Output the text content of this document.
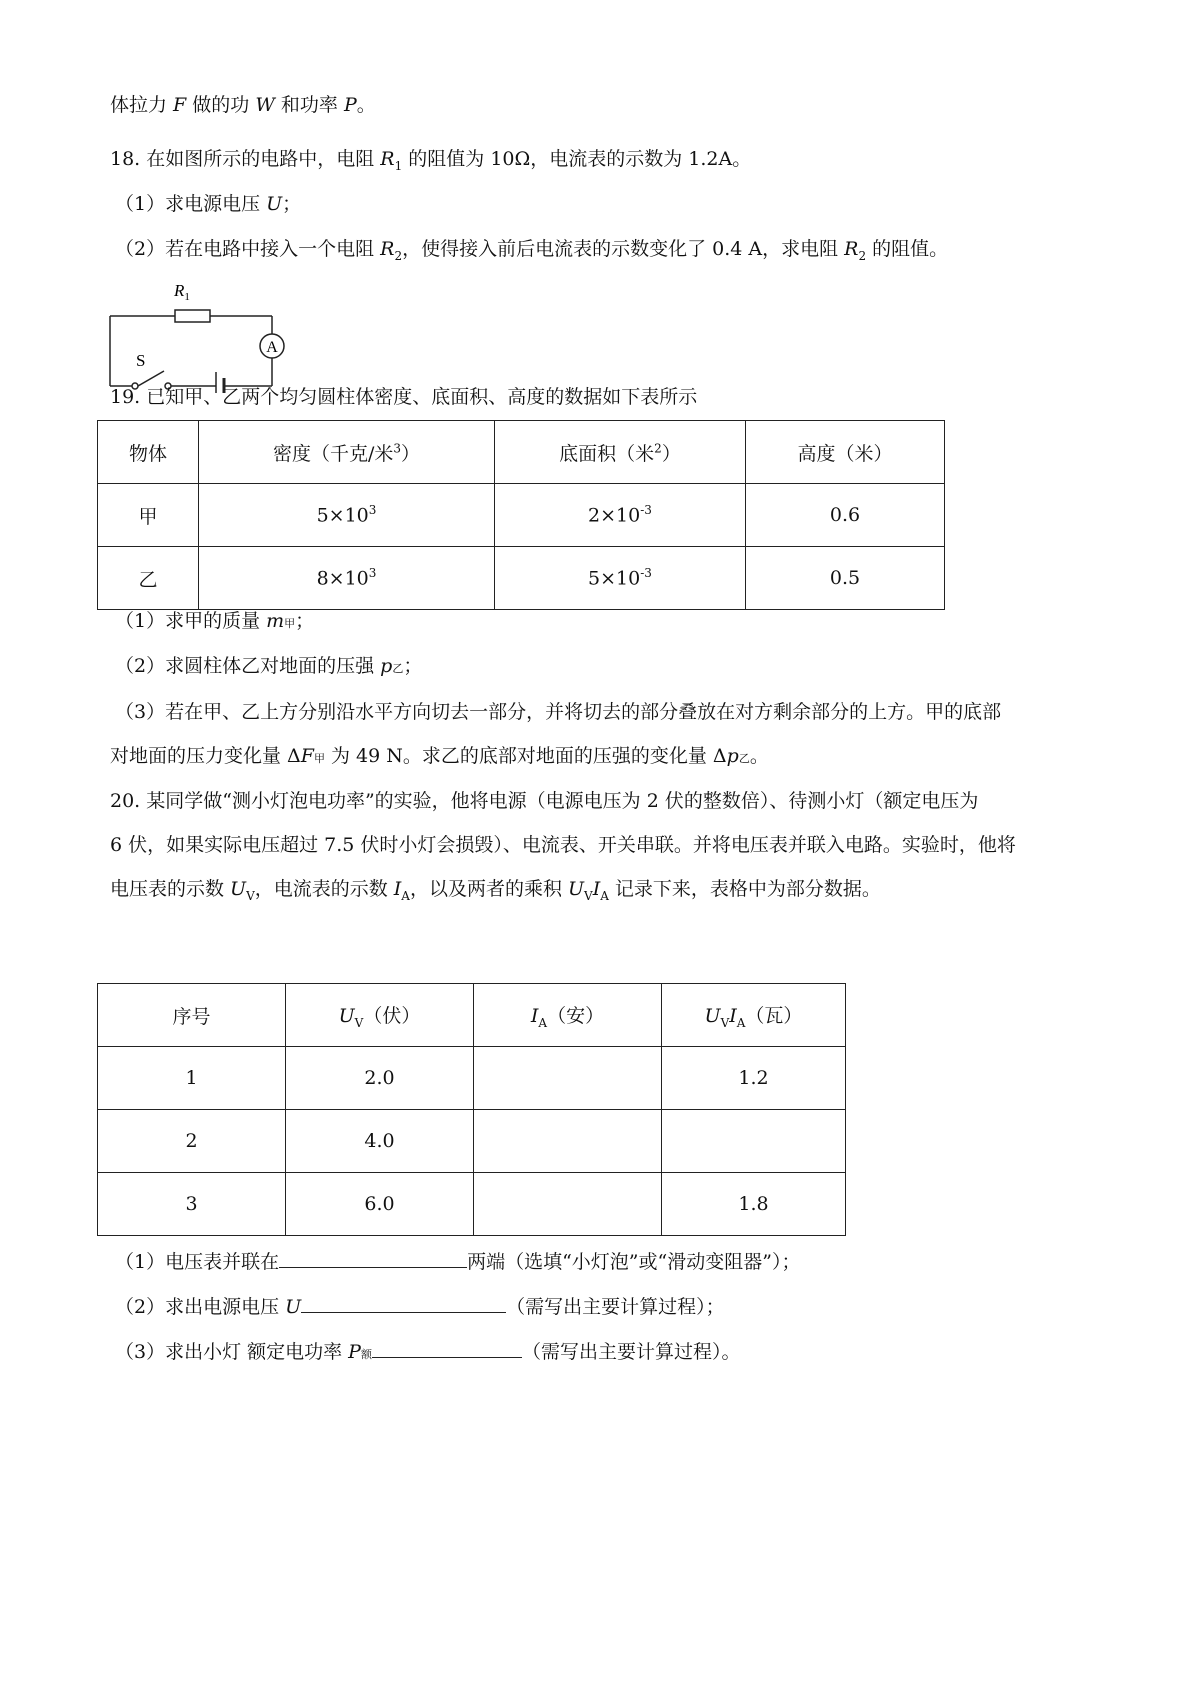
体拉力 F 做的功 W 和功率 P。
18. 在如图所示的电路中，电阻 $R_1$ 的阻值为 10Ω，电流表的示数为 1.2A。
（1）求电源电压 U；
（2）若在电路中接入一个电阻 $R_2$，使得接入前后电流表的示数变化了 0.4 A，求电阻 $R_2$ 的阻值。
A
S
$R_1$
19. 已知甲、乙两个均匀圆柱体密度、底面积、高度的数据如下表所示
物体	密度（千克/米$^3$）	底面积（米$^2$）	高度（米）
甲	$5\times 10^3$	$2\times 10^{-3}$	0.6
乙	$8\times 10^3$	$5\times 10^{-3}$	0.5
（1）求甲的质量 m甲；
（2）求圆柱体乙对地面的压强 p乙；
（3）若在甲、乙上方分别沿水平方向切去一部分，并将切去的部分叠放在对方剩余部分的上方。甲的底部
对地面的压力变化量 ΔF甲 为 49 N。求乙的底部对地面的压强的变化量 Δp乙。
20. 某同学做“测小灯泡电功率”的实验，他将电源（电源电压为 2 伏的整数倍）、待测小灯（额定电压为
6 伏，如果实际电压超过 7.5 伏时小灯会损毁）、电流表、开关串联。并将电压表并联入电路。实验时，他将
电压表的示数 $U_V$，电流表的示数 $I_A$，以及两者的乘积 $U_VI_A$ 记录下来，表格中为部分数据。
序号	$U_V$（伏）	$I_A$（安）	$U_VI_A$（瓦）
1	2.0		1.2
2	4.0		
3	6.0		1.8
（1）电压表并联在	两端（选填“小灯泡”或“滑动变阻器”）；
（2）求出电源电压 U	（需写出主要计算过程）；
（3）求出小灯 额定电功率 P额	（需写出主要计算过程）。
